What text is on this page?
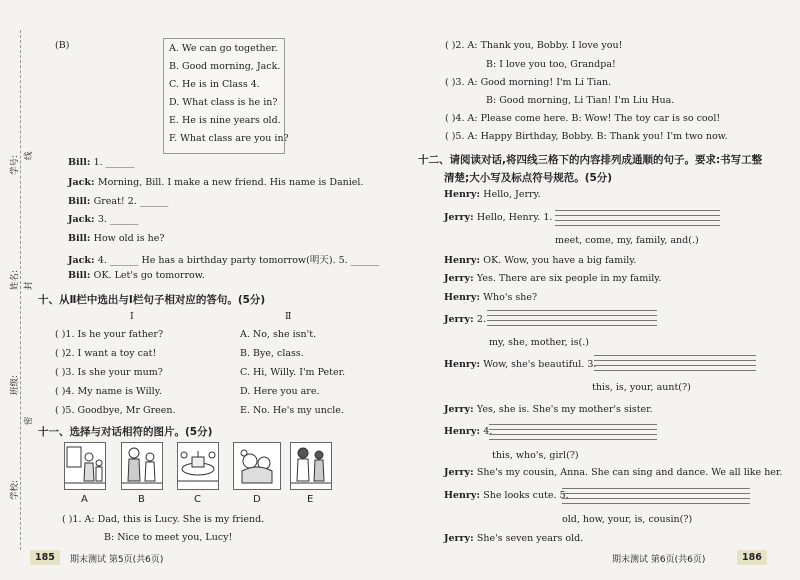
学号: 线
姓名: 封
班级:
密
学校:
(B)	A. We can go together.
B. Good morning, Jack.
C. He is in Class 4.
D. What class is he in?
E. He is nine years old.
F. What class are you in?
Bill: 1. ______
Jack: Morning, Bill. I make a new friend. His name is Daniel.
Bill: Great! 2. ______
Jack: 3. ______
Bill: How old is he?
Jack: 4. ______ He has a birthday party tomorrow(明天). 5. ______
Bill: OK. Let's go tomorrow.
十、从Ⅱ栏中选出与Ⅰ栏句子相对应的答句。(5分)
Ⅰ	Ⅱ
( )1. Is he your father?	A. No, she isn't.
( )2. I want a toy cat!	B. Bye, class.
( )3. Is she your mum?	C. Hi, Willy. I'm Peter.
( )4. My name is Willy.	D. Here you are.
( )5. Goodbye, Mr Green.	E. No. He's my uncle.
十一、选择与对话相符的图片。(5分)
A	B	C	D	E
( )1. A: Dad, this is Lucy. She is my friend.
B: Nice to meet you, Lucy!
185	期末测试 第5页(共6页)
( )2. A: Thank you, Bobby. I love you!
B: I love you too, Grandpa!
( )3. A: Good morning! I'm Li Tian.
B: Good morning, Li Tian! I'm Liu Hua.
( )4. A: Please come here. B: Wow! The toy car is so cool!
( )5. A: Happy Birthday, Bobby. B: Thank you! I'm two now.
十二、请阅读对话,将四线三格下的内容排列成通顺的句子。要求:书写工整
清楚;大小写及标点符号规范。(5分)
Henry: Hello, Jerry.
Jerry: Hello, Henry. 1.
meet, come, my, family, and(.)
Henry: OK. Wow, you have a big family.
Jerry: Yes. There are six people in my family.
Henry: Who's she?
Jerry: 2.
my, she, mother, is(.)
Henry: Wow, she's beautiful. 3.
this, is, your, aunt(?)
Jerry: Yes, she is. She's my mother's sister.
Henry: 4.
this, who's, girl(?)
Jerry: She's my cousin, Anna. She can sing and dance. We all like her.
Henry: She looks cute. 5.
old, how, your, is, cousin(?)
Jerry: She's seven years old.
期末测试 第6页(共6页)	186
